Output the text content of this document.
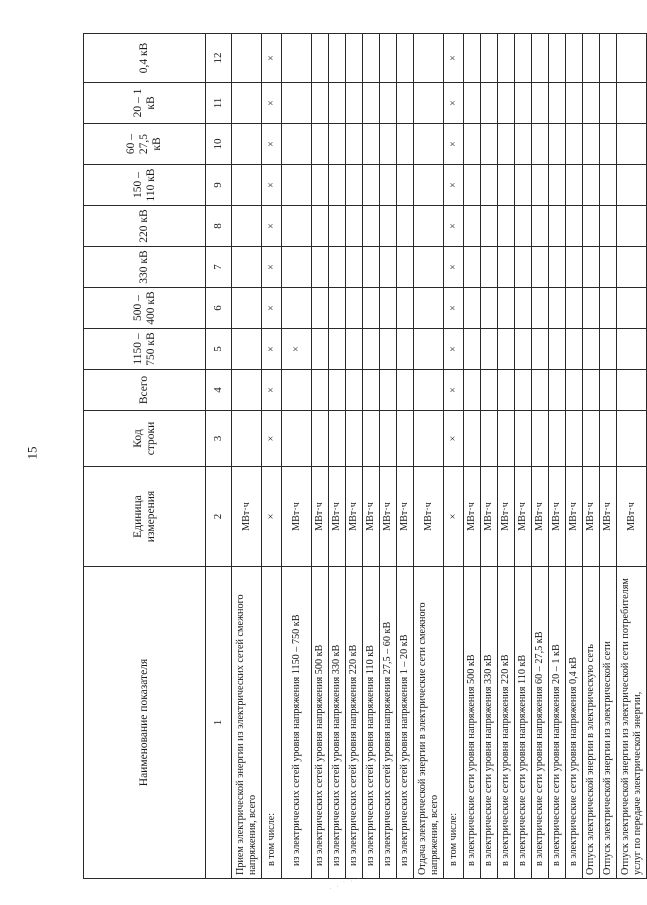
15
Наименование показателя	Единица измерения	Код строки	Всего	1150 – 750 кВ	500 – 400 кВ	330 кВ	220 кВ	150 – 110 кВ	60 – 27,5 кВ	20 – 1 кВ	0,4 кВ	
1	2	3	4	5	6	7	8	9	10	11	12	
Прием электрической энергии из электрических сетей смежного напряжения, всего	МВт·ч											
в том числе:	×	×	×	×	×	×	×	×	×	×	×	
из электрических сетей уровня напряжения 1150 – 750 кВ	МВт·ч			×								
из электрических сетей уровня напряжения 500 кВ	МВт·ч											
из электрических сетей уровня напряжения 330 кВ	МВт·ч											
из электрических сетей уровня напряжения 220 кВ	МВт·ч											
из электрических сетей уровня напряжения 110 кВ	МВт·ч											
из электрических сетей уровня напряжения 27,5 – 60 кВ	МВт·ч											
из электрических сетей уровня напряжения 1 – 20 кВ	МВт·ч											
Отдача электрической энергии в электрические сети смежного напряжения, всего	МВт·ч											
в том числе:	×	×	×	×	×	×	×	×	×	×	×	
в электрические сети уровня напряжения 500 кВ	МВт·ч											
в электрические сети уровня напряжения 330 кВ	МВт·ч											
в электрические сети уровня напряжения 220 кВ	МВт·ч											
в электрические сети уровня напряжения 110 кВ	МВт·ч											
в электрические сети уровня напряжения 60 – 27,5 кВ	МВт·ч											
в электрические сети уровня напряжения 20 – 1 кВ	МВт·ч											
в электрические сети уровня напряжения 0,4 кВ	МВт·ч											
Отпуск электрической энергии в электрическую сеть	МВт·ч											
Отпуск электрической энергии из электрической сети	МВт·ч											
Отпуск электрической энергии из электрической сети потребителям услуг по передаче электрической энергии,	МВт·ч											
· · ˙ · ·
